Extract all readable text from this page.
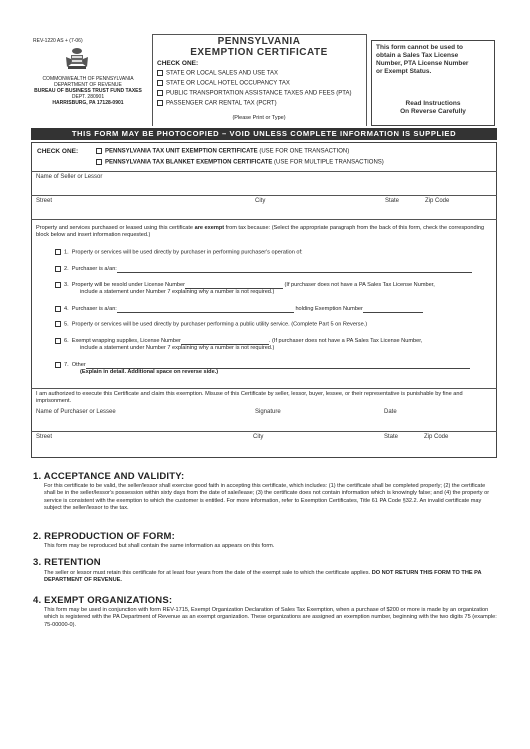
REV-1220 AS + (7-06)
COMMONWEALTH OF PENNSYLVANIA
DEPARTMENT OF REVENUE
BUREAU OF BUSINESS TRUST FUND TAXES
DEPT. 280901
HARRISBURG, PA 17128-0901
PENNSYLVANIA
EXEMPTION CERTIFICATE
CHECK ONE:
STATE OR LOCAL SALES AND USE TAX
STATE OR LOCAL HOTEL OCCUPANCY TAX
PUBLIC TRANSPORTATION ASSISTANCE TAXES AND FEES (PTA)
PASSENGER CAR RENTAL TAX (PCRT)
(Please Print or Type)
This form cannot be used to
obtain a Sales Tax License
Number, PTA License Number
or Exempt Status.
Read Instructions
On Reverse Carefully
THIS FORM MAY BE PHOTOCOPIED – VOID UNLESS COMPLETE INFORMATION IS SUPPLIED
CHECK ONE:	PENNSYLVANIA TAX UNIT EXEMPTION CERTIFICATE (USE FOR ONE TRANSACTION)
PENNSYLVANIA TAX BLANKET EXEMPTION CERTIFICATE (USE FOR MULTIPLE TRANSACTIONS)
Name of Seller or Lessor
Street	City	State	Zip Code
Property and services purchased or leased using this certificate are exempt from tax because: (Select the appropriate paragraph from the back of this form, check the corresponding block below and insert information requested.)
1. Property or services will be used directly by purchaser in performing purchaser's operation of:
2. Purchaser is a/an:
3. Property will be resold under License Number	(If purchaser does not have a PA Sales Tax License Number,
include a statement under Number 7 explaining why a number is not required.)
4. Purchaser is a/an:	holding Exemption Number
5. Property or services will be used directly by purchaser performing a public utility service. (Complete Part 5 on Reverse.)
6. Exempt wrapping supplies, License Number	. (If purchaser does not have a PA Sales Tax License Number,
include a statement under Number 7 explaining why a number is not required.)
7. Other
(Explain in detail. Additional space on reverse side.)
I am authorized to execute this Certificate and claim this exemption. Misuse of this Certificate by seller, lessor, buyer, lessee, or their representative is punishable by fine and imprisonment.
Name of Purchaser or Lessee	Signature	Date
Street	City	State	Zip Code
1. ACCEPTANCE AND VALIDITY:
For this certificate to be valid, the seller/lessor shall exercise good faith in accepting this certificate, which includes: (1) the certificate shall be completed properly; (2) the certificate shall be in the seller/lessor's possession within sixty days from the date of sale/lease; (3) the certificate does not contain information which is knowingly false; and (4) the property or service is consistent with the exemption to which the customer is entitled. For more information, refer to Exemption Certificates, Title 61 PA Code §32.2. An invalid certificate may subject the seller/lessor to the tax.
2. REPRODUCTION OF FORM:
This form may be reproduced but shall contain the same information as appears on this form.
3. RETENTION
The seller or lessor must retain this certificate for at least four years from the date of the exempt sale to which the certificate applies. DO NOT RETURN THIS FORM TO THE PA DEPARTMENT OF REVENUE.
4. EXEMPT ORGANIZATIONS:
This form may be used in conjunction with form REV-1715, Exempt Organization Declaration of Sales Tax Exemption, when a purchase of $200 or more is made by an organization which is registered with the PA Department of Revenue as an exempt organization. These organizations are assigned an exemption number, beginning with the two digits 75 (example: 75-00000-0).
